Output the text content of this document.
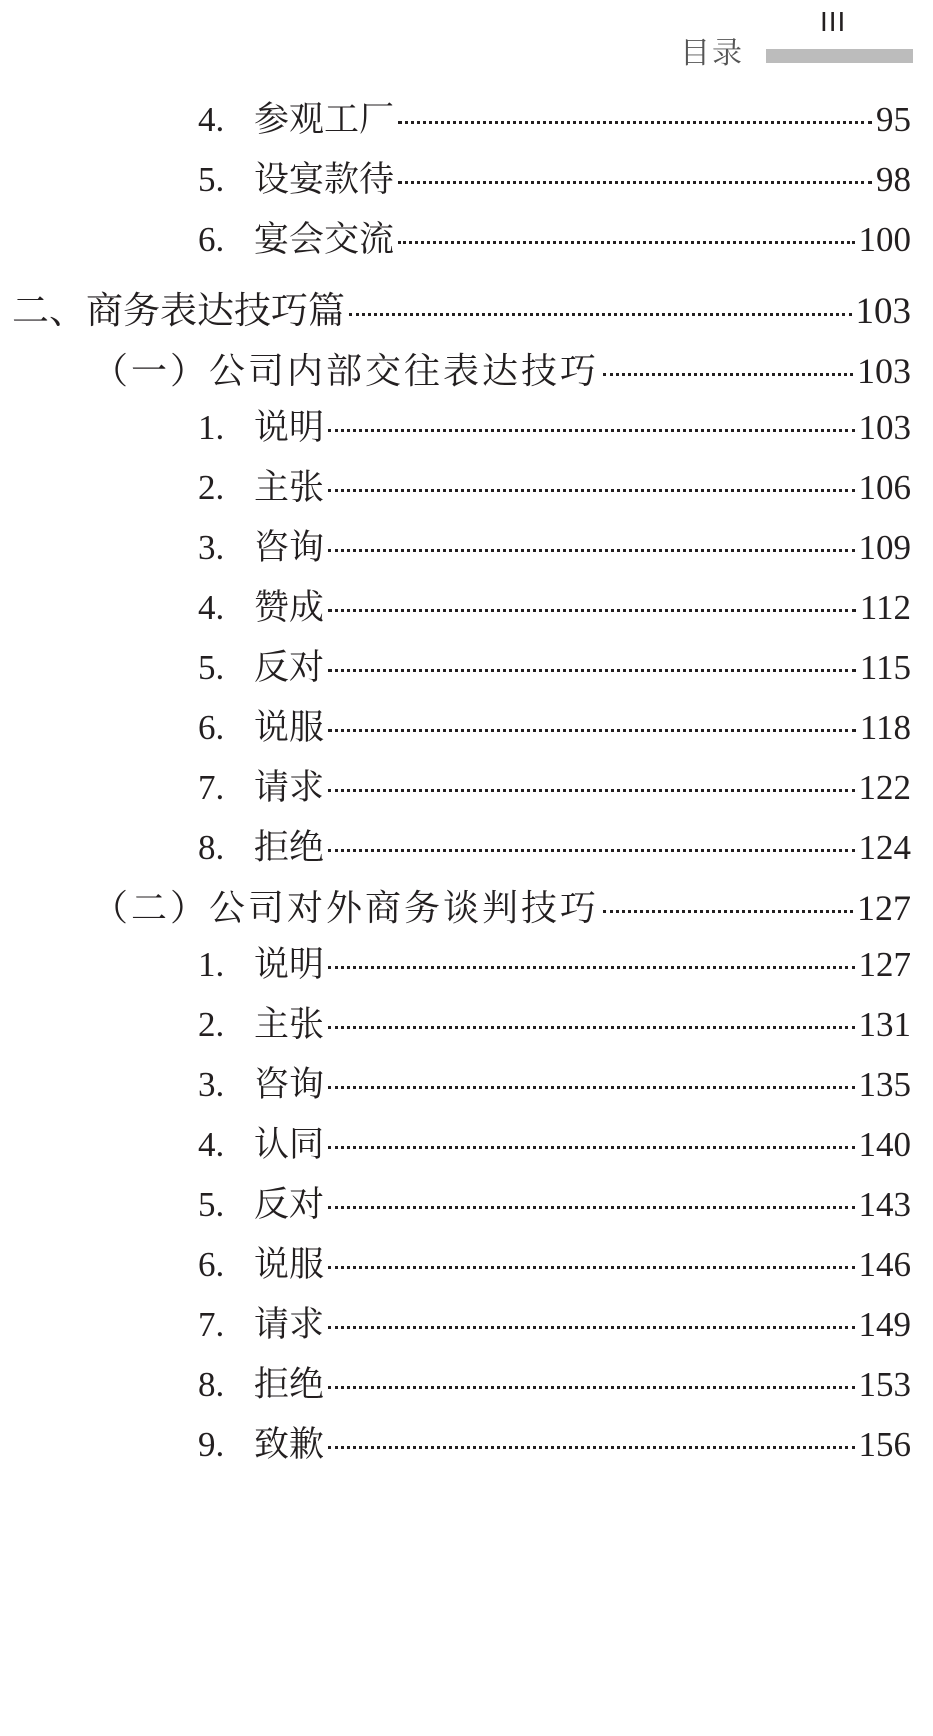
目录
III
4. 参观工厂	95
5. 设宴款待	98
6. 宴会交流	100
二、商务表达技巧篇	103
（一）公司内部交往表达技巧	103
1. 说明	103
2. 主张	106
3. 咨询	109
4. 赞成	112
5. 反对	115
6. 说服	118
7. 请求	122
8. 拒绝	124
（二）公司对外商务谈判技巧	127
1. 说明	127
2. 主张	131
3. 咨询	135
4. 认同	140
5. 反对	143
6. 说服	146
7. 请求	149
8. 拒绝	153
9. 致歉	156
